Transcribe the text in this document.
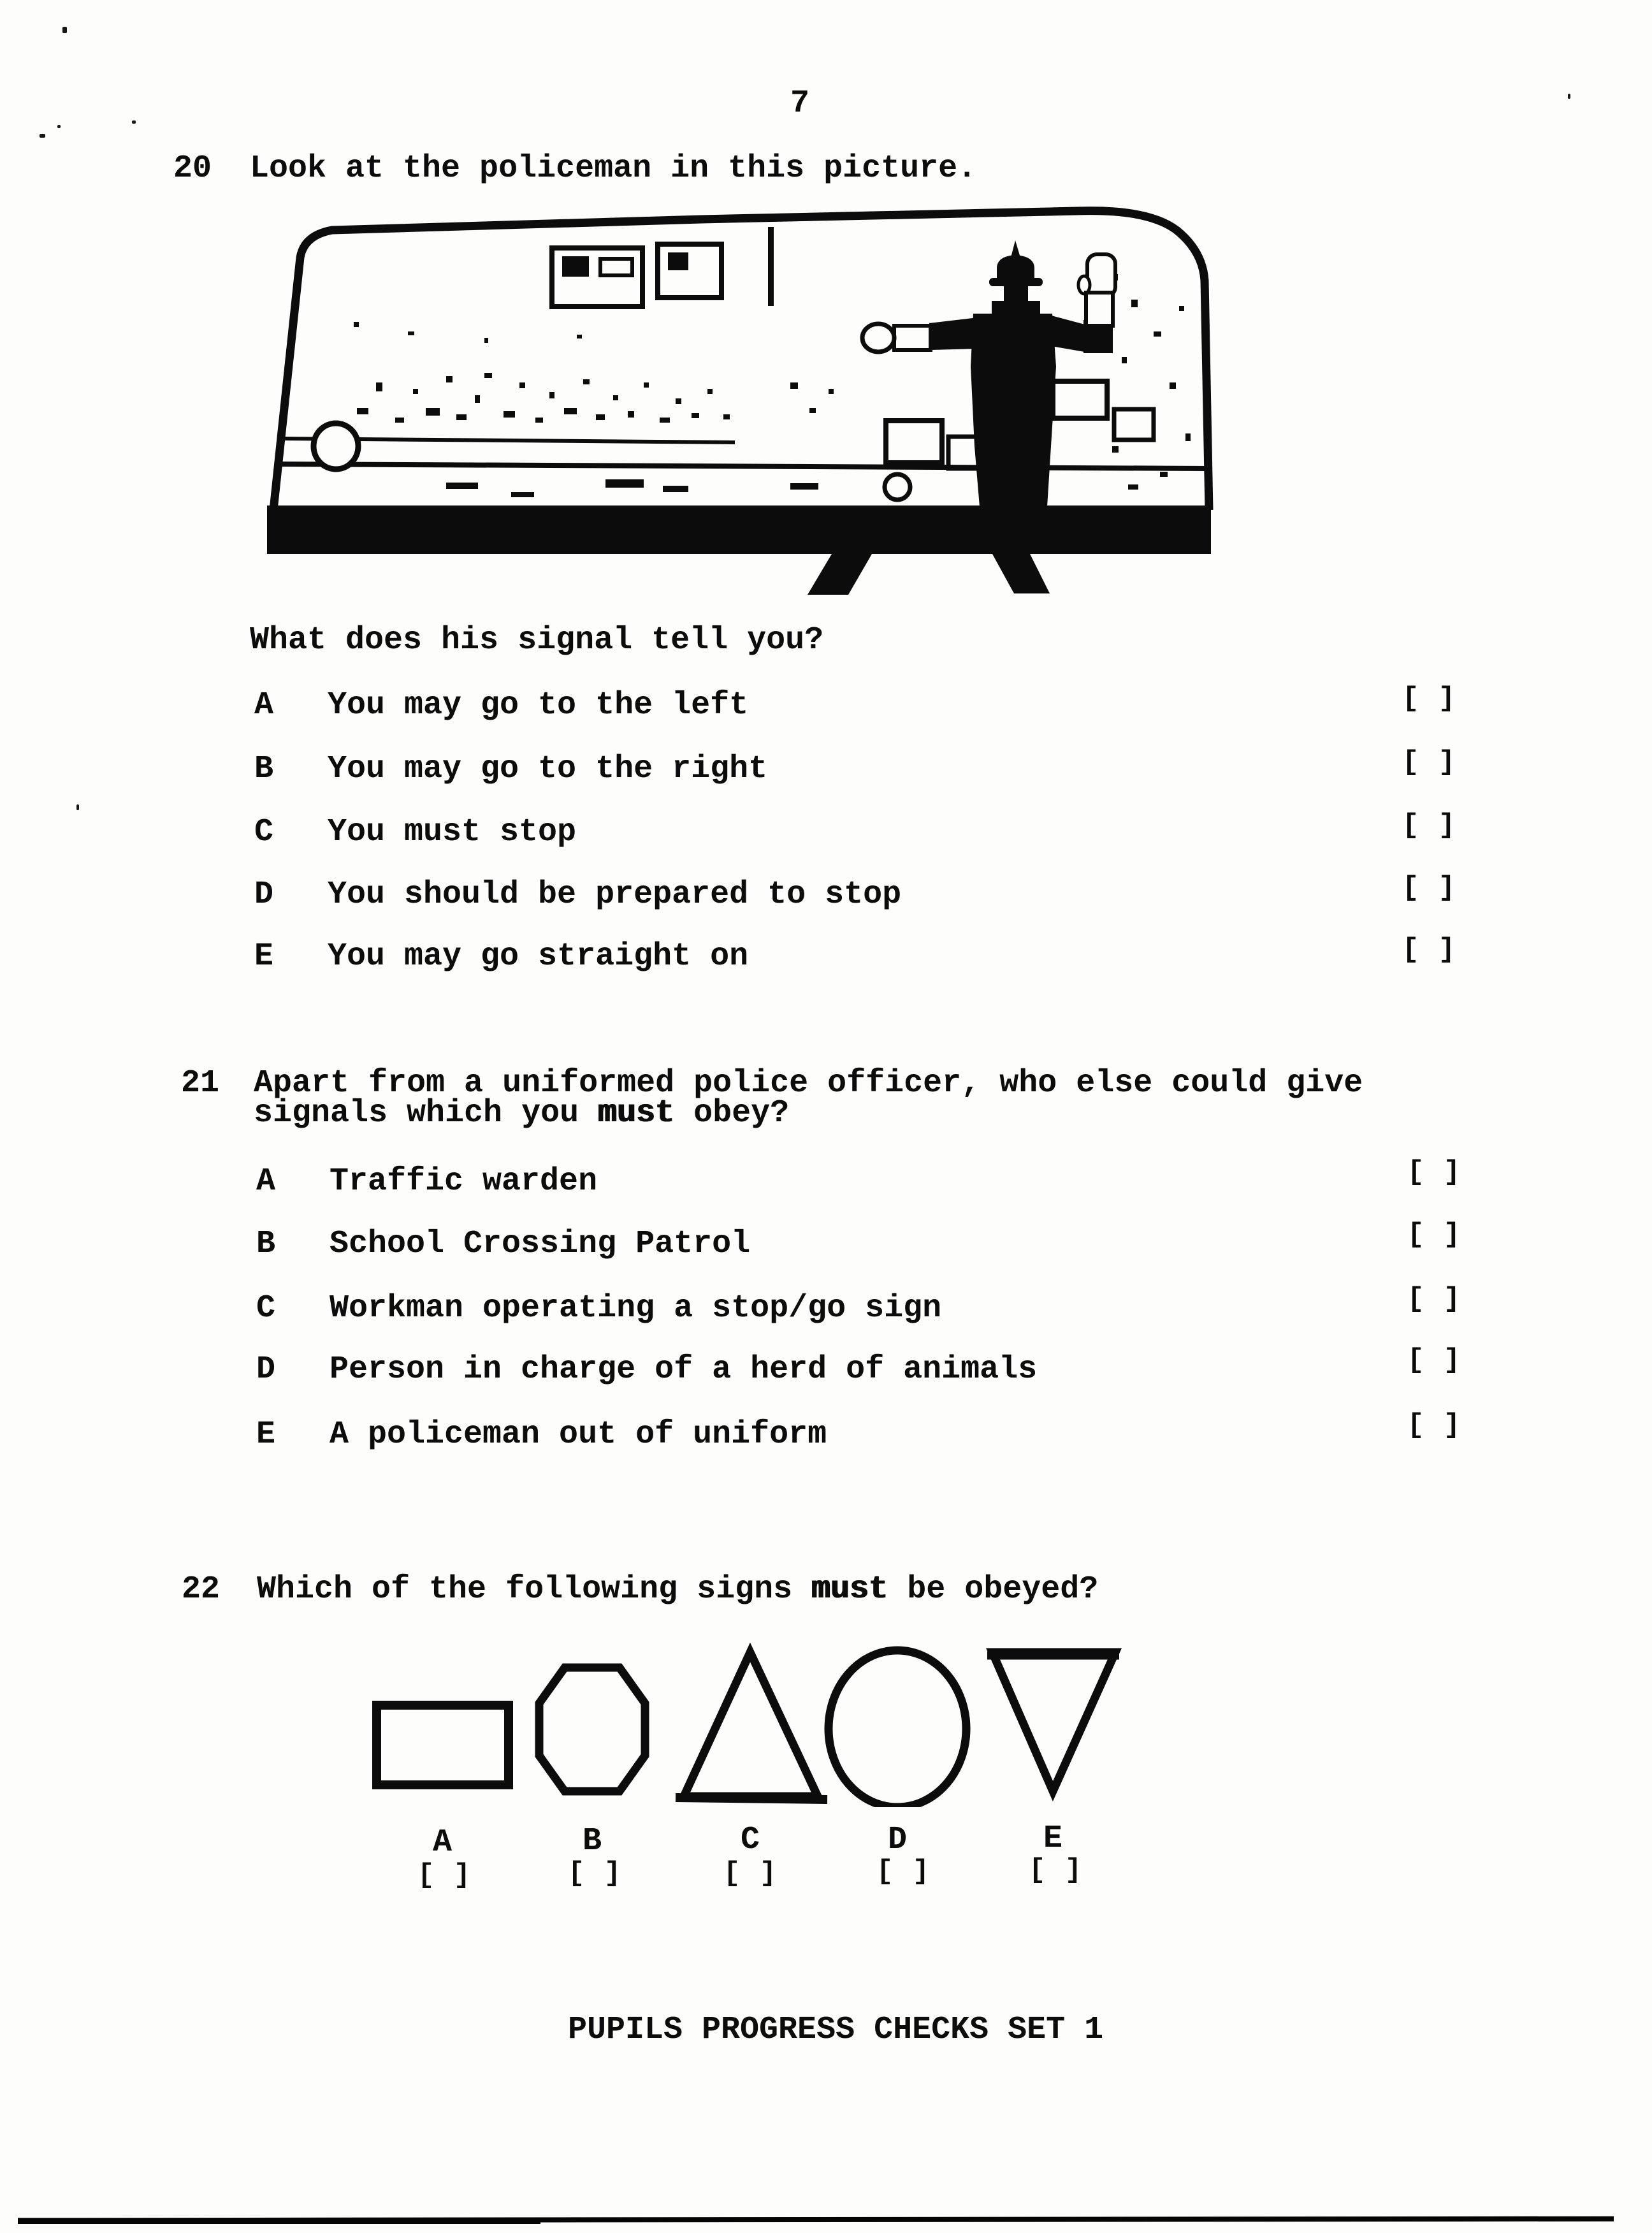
7
20 Look at the policeman in this picture.
What does his signal tell you?
A You may go to the left	[ ]
B You may go to the right	[ ]
C You must stop	[ ]
D You should be prepared to stop	[ ]
E You may go straight on	[ ]
21 Apart from a uniformed police officer, who else could give
signals which you must obey?
A Traffic warden	[ ]
B School Crossing Patrol	[ ]
C Workman operating a stop/go sign	[ ]
D Person in charge of a herd of animals	[ ]
E A policeman out of uniform	[ ]
22 Which of the following signs must be obeyed?
A	B	C	D	E
[ ]	[ ]	[ ]	[ ]	[ ]
PUPILS PROGRESS CHECKS SET 1
